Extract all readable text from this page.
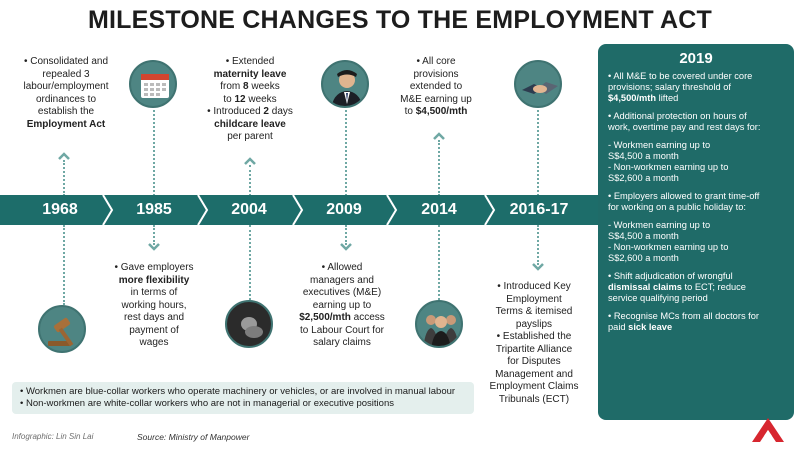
MILESTONE CHANGES TO THE EMPLOYMENT ACT
• Consolidated and
repealed 3
labour/employment
ordinances to
establish the
Employment Act
• Gave employers
more flexibility
in terms of
working hours,
rest days and
payment of
wages
• Extended
maternity leave
from 8 weeks
to 12 weeks
• Introduced 2 days
childcare leave
per parent
• Allowed
managers and
executives (M&E)
earning up to
$2,500/mth access
to Labour Court for
salary claims
• All core
provisions
extended to
M&E earning up
to $4,500/mth
• Introduced Key
Employment
Terms & itemised
payslips
• Established the
Tripartite Alliance
for Disputes
Management and
Employment Claims
Tribunals (ECT)
1968	1985	2004	2009	2014	2016-17
2019
• All M&E to be covered under core
provisions; salary threshold of
$4,500/mth lifted
• Additional protection on hours of
work, overtime pay and rest days for:
- Workmen earning up to
S$4,500 a month
- Non-workmen earning up to
S$2,600 a month
• Employers allowed to grant time-off
for working on a public holiday to:
- Workmen earning up to
S$4,500 a month
- Non-workmen earning up to
S$2,600 a month
• Shift adjudication of wrongful
dismissal claims to ECT; reduce
service qualifying period
• Recognise MCs from all doctors for
paid sick leave
• Workmen are blue-collar workers who operate machinery or vehicles, or are involved in manual labour
• Non-workmen are white-collar workers who are not in managerial or executive positions
Infographic: Lin Sin Lai	Source: Ministry of Manpower
